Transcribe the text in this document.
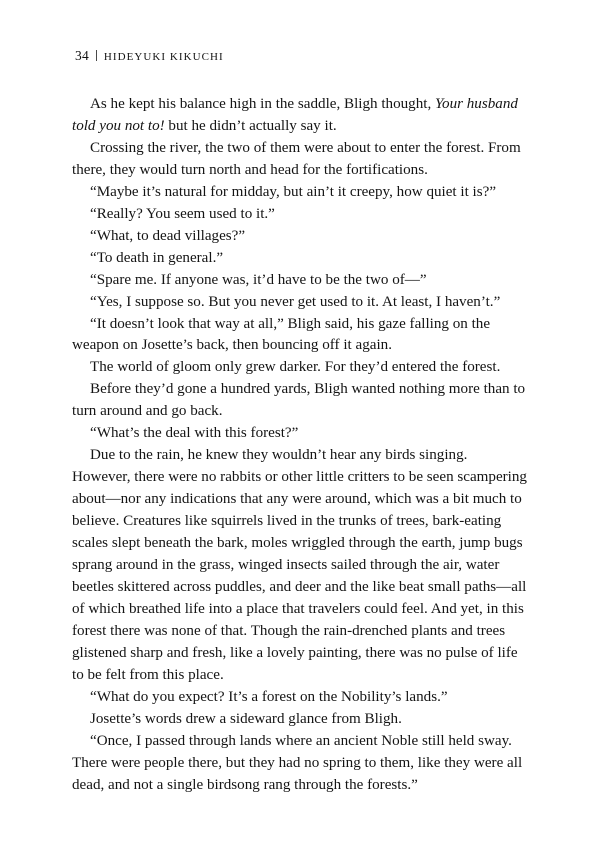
34 HIDEYUKI KIKUCHI

As he kept his balance high in the saddle, Bligh thought, Your husband told you not to! but he didn’t actually say it.

Crossing the river, the two of them were about to enter the forest. From there, they would turn north and head for the fortifications.

“Maybe it’s natural for midday, but ain’t it creepy, how quiet it is?”

“Really? You seem used to it.”

“What, to dead villages?”

“To death in general.”

“Spare me. If anyone was, it’d have to be the two of—”

“Yes, I suppose so. But you never get used to it. At least, I haven’t.”

“It doesn’t look that way at all,” Bligh said, his gaze falling on the weapon on Josette’s back, then bouncing off it again.

The world of gloom only grew darker. For they’d entered the forest.

Before they’d gone a hundred yards, Bligh wanted nothing more than to turn around and go back.

“What’s the deal with this forest?”

Due to the rain, he knew they wouldn’t hear any birds singing. However, there were no rabbits or other little critters to be seen scampering about—nor any indications that any were around, which was a bit much to believe. Creatures like squirrels lived in the trunks of trees, bark-eating scales slept beneath the bark, moles wriggled through the earth, jump bugs sprang around in the grass, winged insects sailed through the air, water beetles skittered across puddles, and deer and the like beat small paths—all of which breathed life into a place that travelers could feel. And yet, in this forest there was none of that. Though the rain-drenched plants and trees glistened sharp and fresh, like a lovely painting, there was no pulse of life to be felt from this place.

“What do you expect? It’s a forest on the Nobility’s lands.”

Josette’s words drew a sideward glance from Bligh.

“Once, I passed through lands where an ancient Noble still held sway. There were people there, but they had no spring to them, like they were all dead, and not a single birdsong rang through the forests.”
